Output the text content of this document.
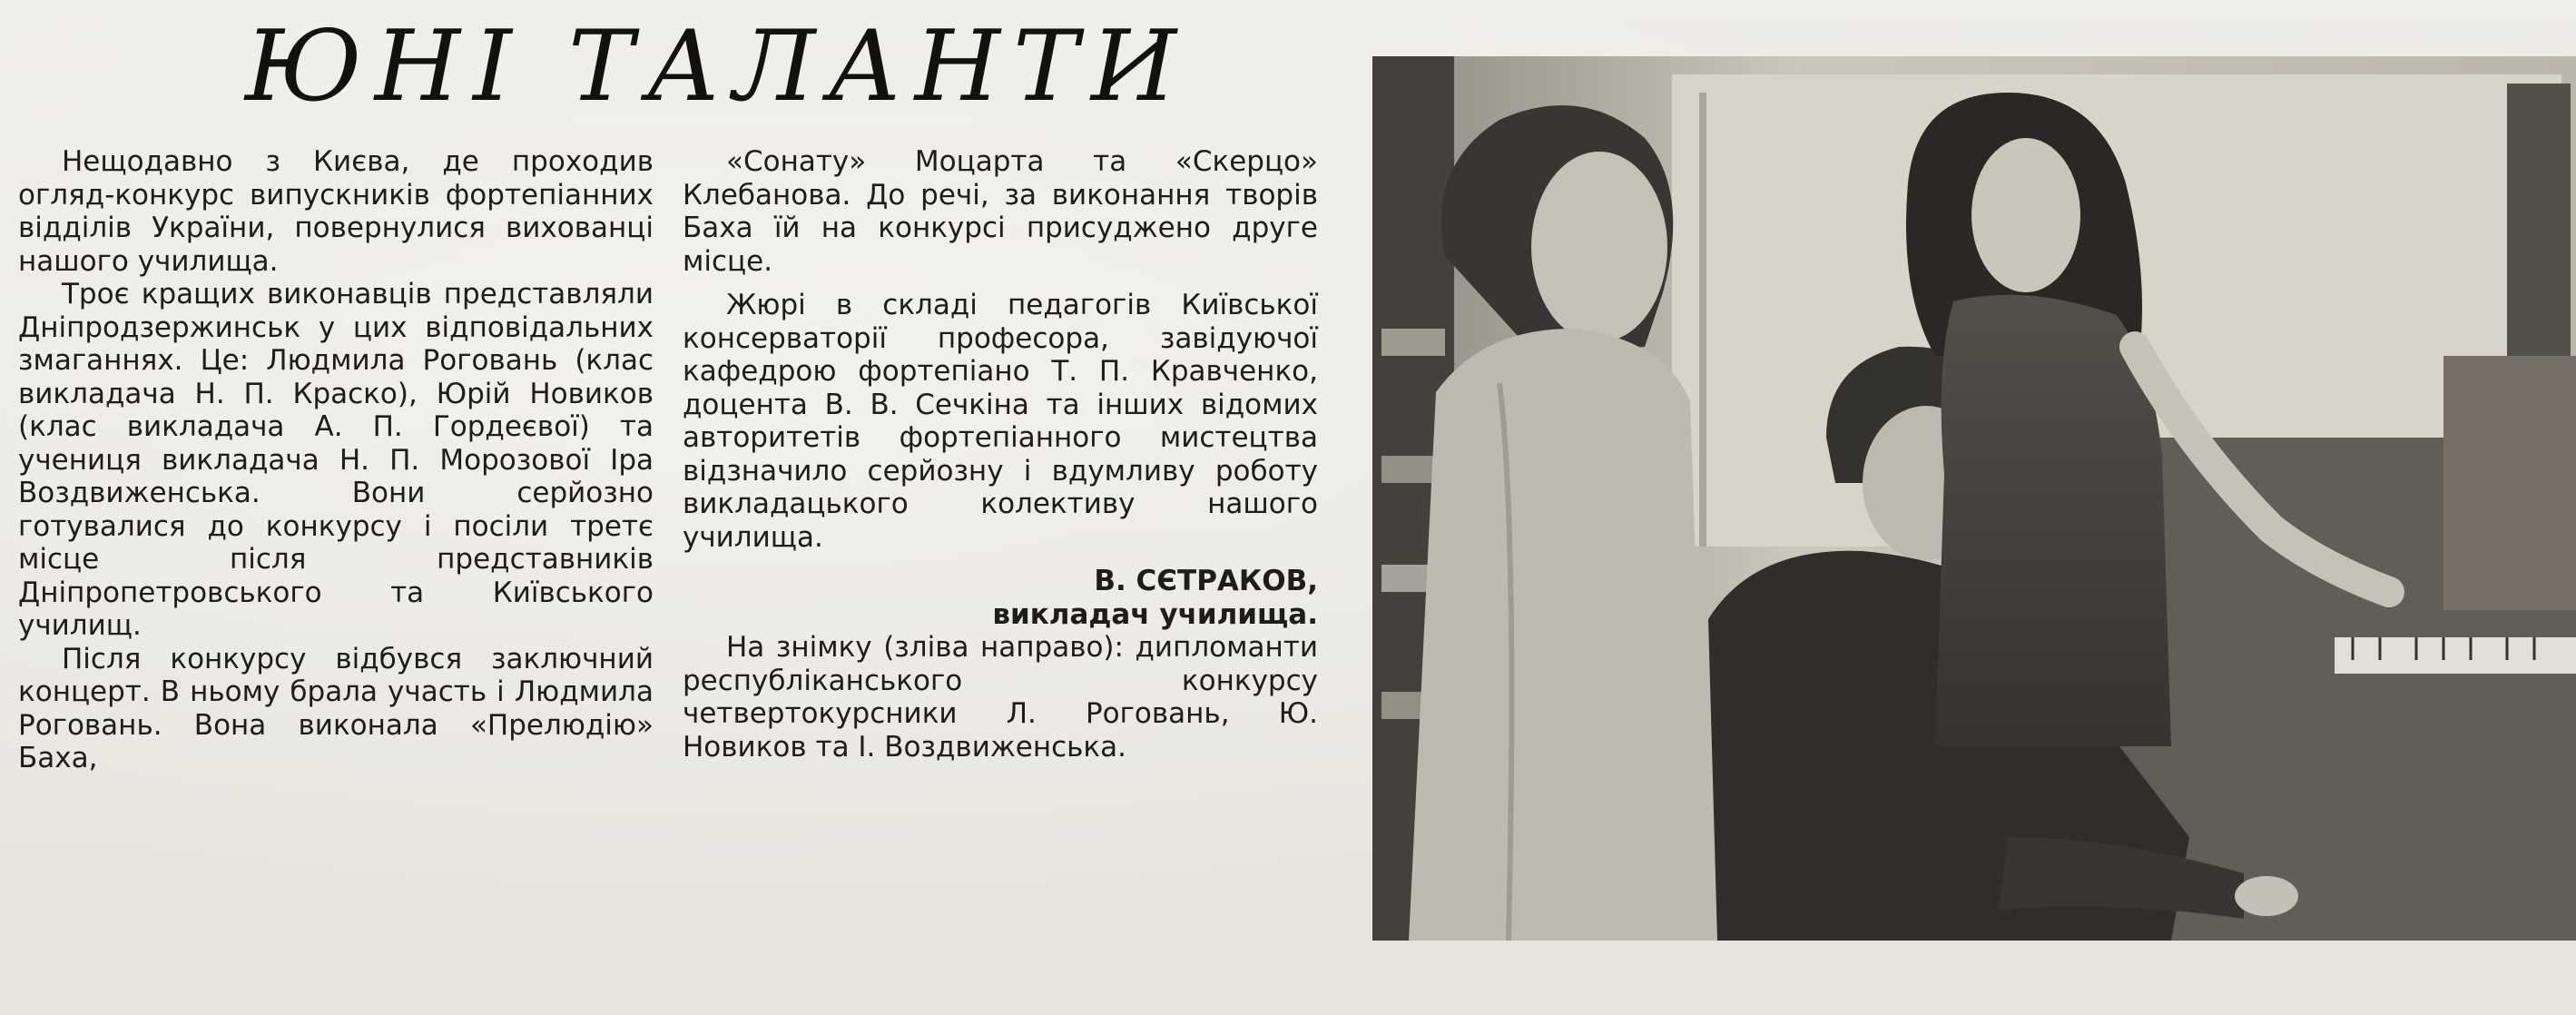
ЮНІ ТАЛАНТИ

Нещодавно з Києва, де проходив огляд-конкурс випускників фортепіанних відділів України, повернулися вихованці нашого училища.

Троє кращих виконавців представляли Дніпродзержинськ у цих відповідальних змаганнях. Це: Людмила Роговань (клас викладача Н. П. Краско), Юрій Новиков (клас викладача А. П. Гордеєвої) та учениця викладача Н. П. Морозової Іра Воздвиженська. Вони серйозно готувалися до конкурсу і посіли третє місце після представників Дніпропетровського та Київського училищ.

Після конкурсу відбувся заключний концерт. В ньому брала участь і Людмила Роговань. Вона виконала «Прелюдію» Баха,

«Сонату» Моцарта та «Скерцо» Клебанова. До речі, за виконання творів Баха їй на конкурсі присуджено друге місце.

Жюрі в складі педагогів Київської консерваторії професора, завідуючої кафедрою фортепіано Т. П. Кравченко, доцента В. В. Сечкіна та інших відомих авторитетів фортепіанного мистецтва відзначило серйозну і вдумливу роботу викладацького колективу нашого училища.

В. СЄТРАКОВ,
викладач училища.

На знімку (зліва направо): дипломанти республіканського конкурсу четвертокурсники Л. Роговань, Ю. Новиков та І. Воздвиженська.
